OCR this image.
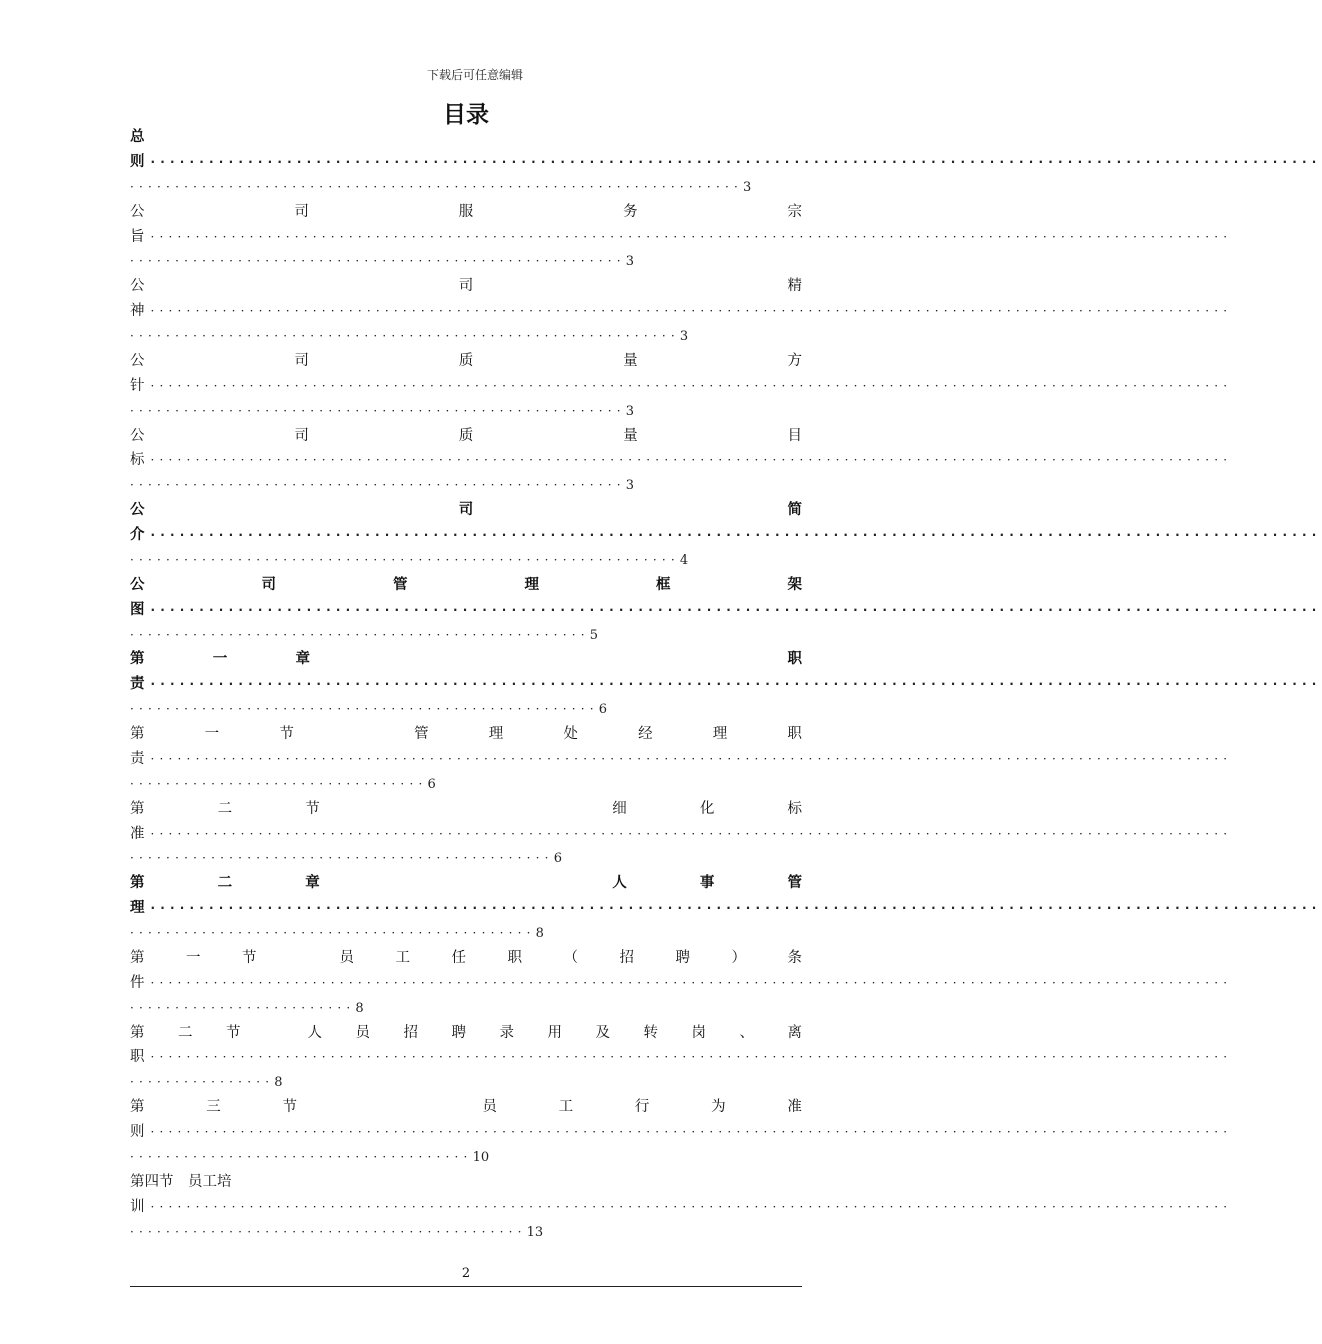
下载后可任意编辑
目录
总
则 ························································································································
····································································3
公	司	服	务	宗
旨 ························································································································
·······················································3
公	司	精
神 ························································································································
·····························································3
公	司	质	量	方
针 ························································································································
·······················································3
公	司	质	量	目
标 ························································································································
·······················································3
公	司	简
介 ························································································································
·····························································4
公	司	管	理	框	架
图 ························································································································
···················································5
第	一	章	职
责 ························································································································
····················································6
第	一	节	管	理	处	经	理	职
责 ························································································································
·································6
第	二	节	细	化	标
准 ························································································································
···············································6
第	二	章	人	事	管
理 ························································································································
·············································8
第	一	节	员	工	任	职	（	招	聘	）	条
件 ························································································································
·························8
第 二 节	人 员 招 聘 录 用 及 转 岗 、 离
职 ························································································································
················8
第	三	节	员	工	行	为	准
则 ························································································································
······································10
第四节　员工培
训 ························································································································
············································13
2
